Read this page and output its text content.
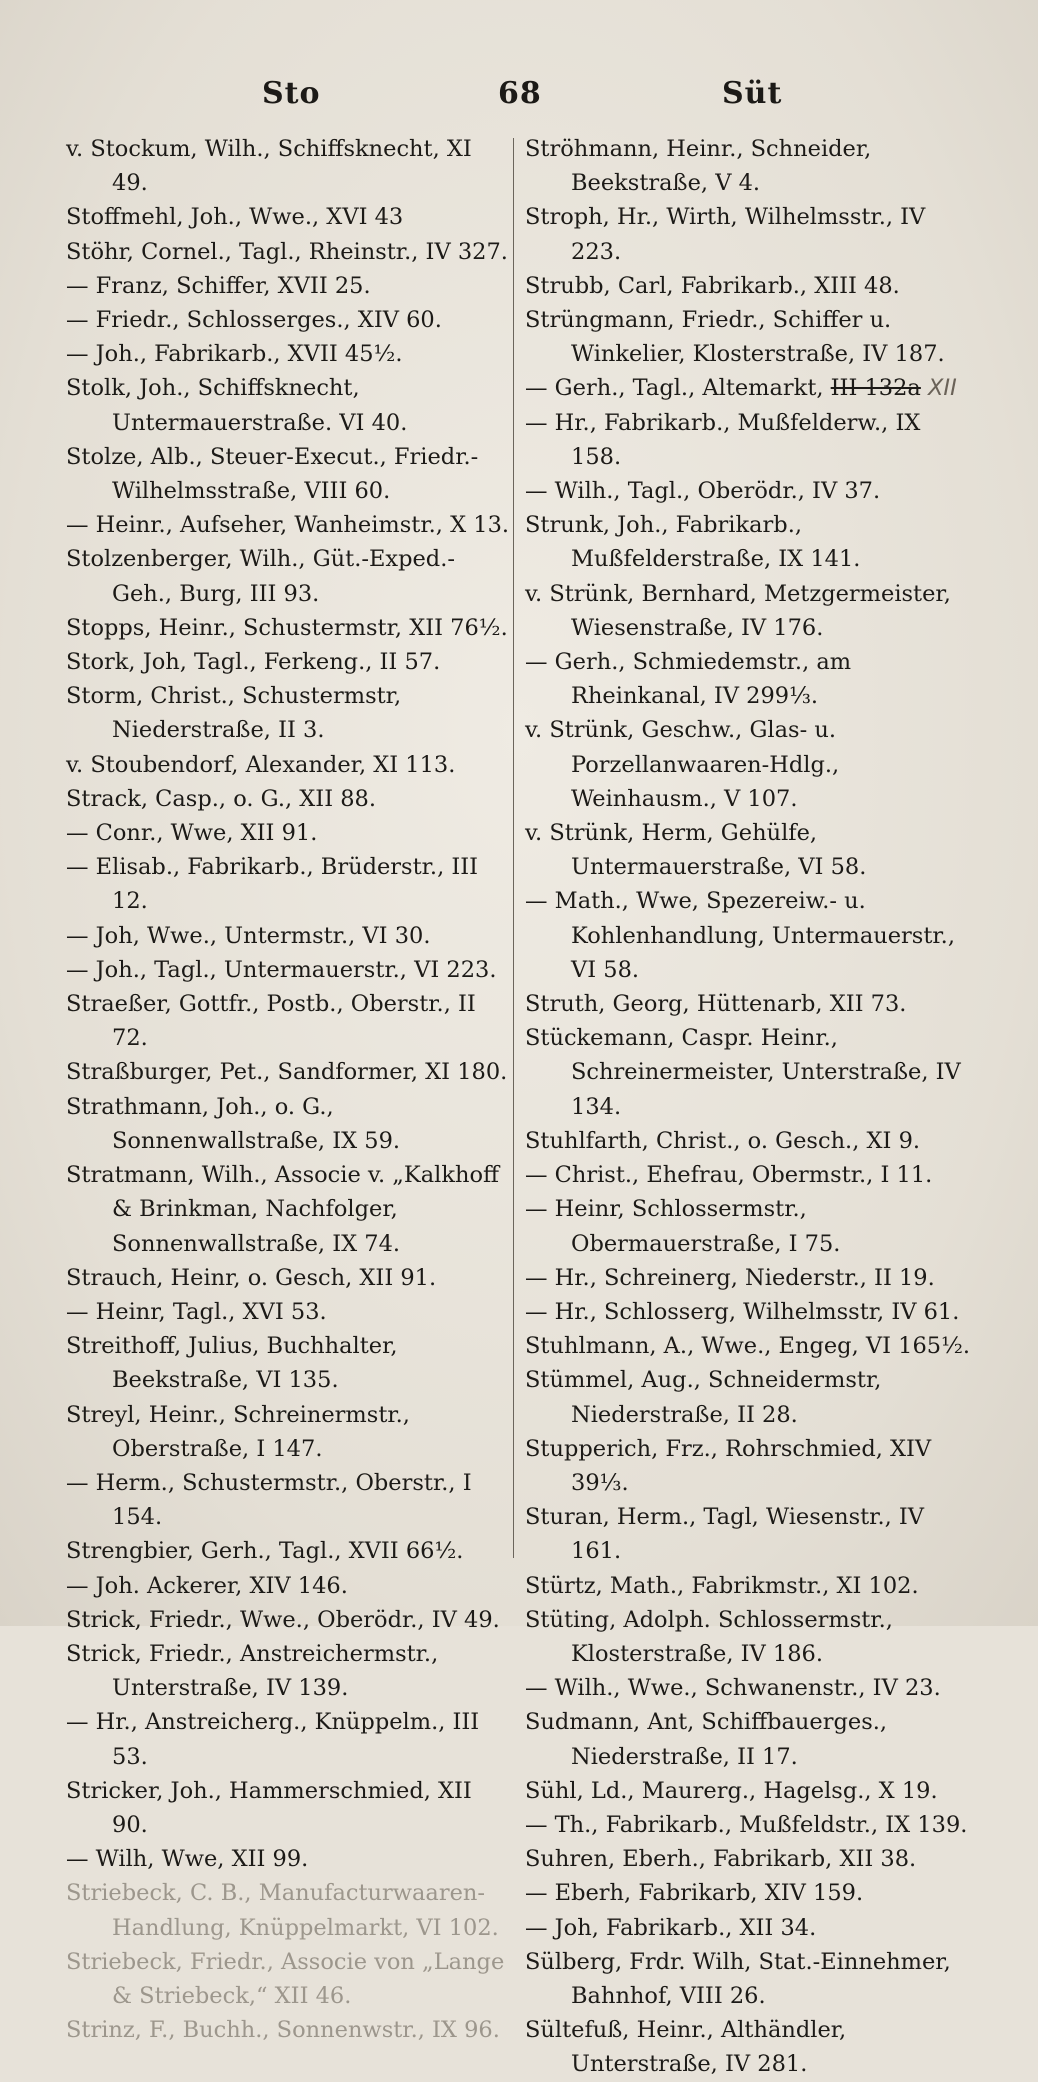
Sto	68	Süt

v. Stockum, Wilh., Schiffsknecht, XI 49.

Stoffmehl, Joh., Wwe., XVI 43

Stöhr, Cornel., Tagl., Rheinstr., IV 327.

— Franz, Schiffer, XVII 25.

— Friedr., Schlosserges., XIV 60.

— Joh., Fabrikarb., XVII 45½.

Stolk, Joh., Schiffsknecht, Untermauerstraße. VI 40.

Stolze, Alb., Steuer-Execut., Friedr.-Wilhelmsstraße, VIII 60.

— Heinr., Aufseher, Wanheimstr., X 13.

Stolzenberger, Wilh., Güt.-Exped.-Geh., Burg, III 93.

Stopps, Heinr., Schustermstr, XII 76½.

Stork, Joh, Tagl., Ferkeng., II 57.

Storm, Christ., Schustermstr, Niederstraße, II 3.

v. Stoubendorf, Alexander, XI 113.

Strack, Casp., o. G., XII 88.

— Conr., Wwe, XII 91.

— Elisab., Fabrikarb., Brüderstr., III 12.

— Joh, Wwe., Untermstr., VI 30.

— Joh., Tagl., Untermauerstr., VI 223.

Straeßer, Gottfr., Postb., Oberstr., II 72.

Straßburger, Pet., Sandformer, XI 180.

Strathmann, Joh., o. G., Sonnenwallstraße, IX 59.

Stratmann, Wilh., Associe v. „Kalkhoff & Brinkman, Nachfolger, Sonnenwallstraße, IX 74.

Strauch, Heinr, o. Gesch, XII 91.

— Heinr, Tagl., XVI 53.

Streithoff, Julius, Buchhalter, Beekstraße, VI 135.

Streyl, Heinr., Schreinermstr., Oberstraße, I 147.

— Herm., Schustermstr., Oberstr., I 154.

Strengbier, Gerh., Tagl., XVII 66½.

— Joh. Ackerer, XIV 146.

Strick, Friedr., Wwe., Oberödr., IV 49.

Strick, Friedr., Anstreichermstr., Unterstraße, IV 139.

— Hr., Anstreicherg., Knüppelm., III 53.

Stricker, Joh., Hammerschmied, XII 90.

— Wilh, Wwe, XII 99.

Striebeck, C. B., Manufacturwaaren-Handlung, Knüppelmarkt, VI 102.

Striebeck, Friedr., Associe von „Lange & Striebeck,“ XII 46.

Strinz, F., Buchh., Sonnenwstr., IX 96.

Ströhmann, Heinr., Schneider, Beekstraße, V 4.

Stroph, Hr., Wirth, Wilhelmsstr., IV 223.

Strubb, Carl, Fabrikarb., XIII 48.

Strüngmann, Friedr., Schiffer u. Winkelier, Klosterstraße, IV 187.

— Gerh., Tagl., Altemarkt, III 132a XII

— Hr., Fabrikarb., Mußfelderw., IX 158.

— Wilh., Tagl., Oberödr., IV 37.

Strunk, Joh., Fabrikarb., Mußfelderstraße, IX 141.

v. Strünk, Bernhard, Metzgermeister, Wiesenstraße, IV 176.

— Gerh., Schmiedemstr., am Rheinkanal, IV 299⅓.

v. Strünk, Geschw., Glas- u. Porzellanwaaren-Hdlg., Weinhausm., V 107.

v. Strünk, Herm, Gehülfe, Untermauerstraße, VI 58.

— Math., Wwe, Spezereiw.- u. Kohlenhandlung, Untermauerstr., VI 58.

Struth, Georg, Hüttenarb, XII 73.

Stückemann, Caspr. Heinr., Schreinermeister, Unterstraße, IV 134.

Stuhlfarth, Christ., o. Gesch., XI 9.

— Christ., Ehefrau, Obermstr., I 11.

— Heinr, Schlossermstr., Obermauerstraße, I 75.

— Hr., Schreinerg, Niederstr., II 19.

— Hr., Schlosserg, Wilhelmsstr, IV 61.

Stuhlmann, A., Wwe., Engeg, VI 165½.

Stümmel, Aug., Schneidermstr, Niederstraße, II 28.

Stupperich, Frz., Rohrschmied, XIV 39⅓.

Sturan, Herm., Tagl, Wiesenstr., IV 161.

Stürtz, Math., Fabrikmstr., XI 102.

Stüting, Adolph. Schlossermstr., Klosterstraße, IV 186.

— Wilh., Wwe., Schwanenstr., IV 23.

Sudmann, Ant, Schiffbauerges., Niederstraße, II 17.

Sühl, Ld., Maurerg., Hagelsg., X 19.

— Th., Fabrikarb., Mußfeldstr., IX 139.

Suhren, Eberh., Fabrikarb, XII 38.

— Eberh, Fabrikarb, XIV 159.

— Joh, Fabrikarb., XII 34.

Sülberg, Frdr. Wilh, Stat.-Einnehmer, Bahnhof, VIII 26.

Sültefuß, Heinr., Althändler, Unterstraße, IV 281.
